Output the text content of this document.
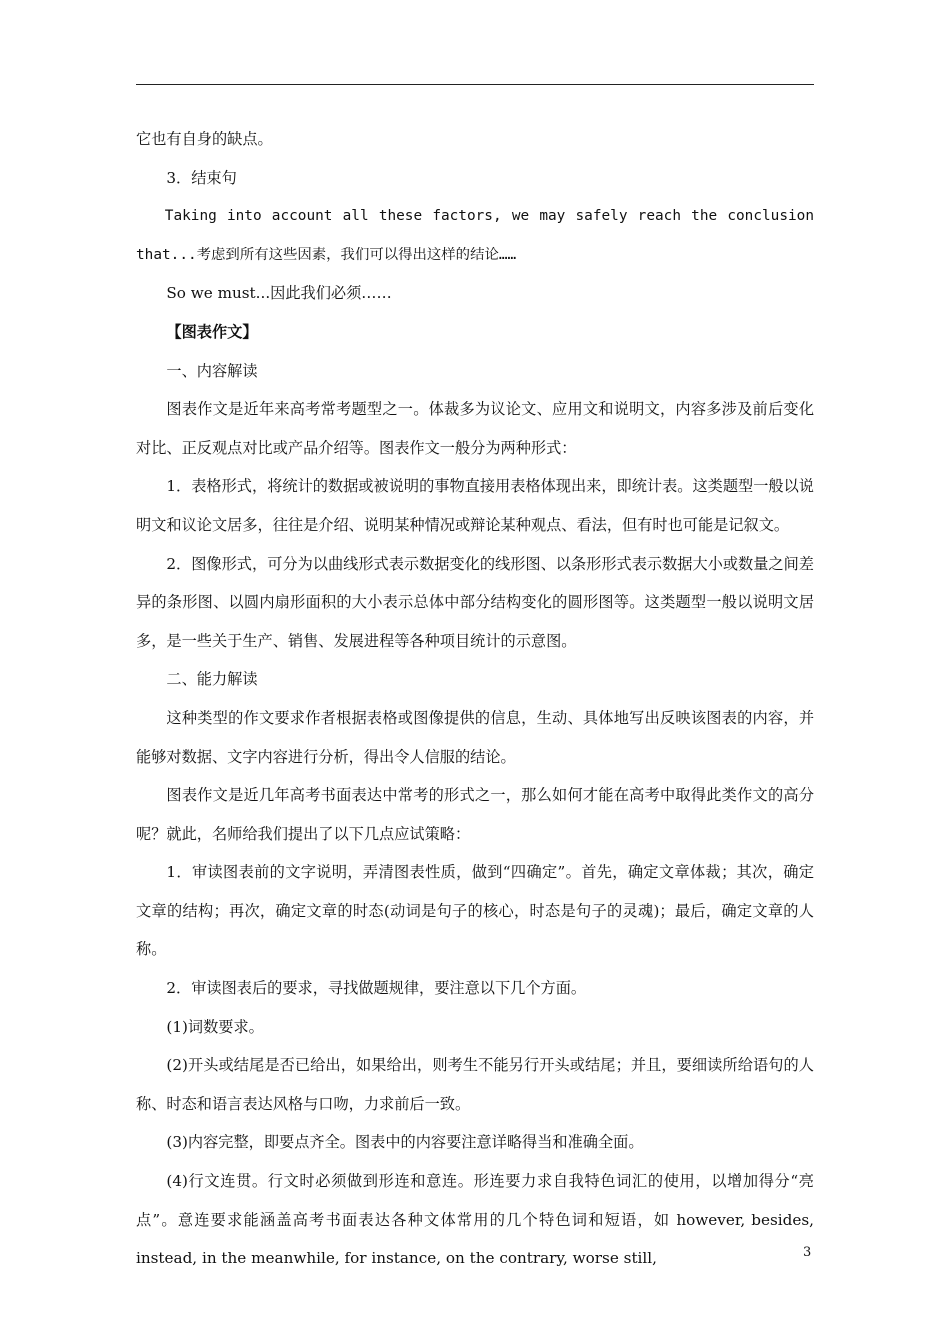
它也有自身的缺点。

3．结束句

Taking into account all these factors, we may safely reach the conclusion that...考虑到所有这些因素，我们可以得出这样的结论……

So we must...因此我们必须……

【图表作文】

一、内容解读

图表作文是近年来高考常考题型之一。体裁多为议论文、应用文和说明文，内容多涉及前后变化对比、正反观点对比或产品介绍等。图表作文一般分为两种形式：

1．表格形式，将统计的数据或被说明的事物直接用表格体现出来，即统计表。这类题型一般以说明文和议论文居多，往往是介绍、说明某种情况或辩论某种观点、看法，但有时也可能是记叙文。

2．图像形式，可分为以曲线形式表示数据变化的线形图、以条形形式表示数据大小或数量之间差异的条形图、以圆内扇形面积的大小表示总体中部分结构变化的圆形图等。这类题型一般以说明文居多，是一些关于生产、销售、发展进程等各种项目统计的示意图。

二、能力解读

这种类型的作文要求作者根据表格或图像提供的信息，生动、具体地写出反映该图表的内容，并能够对数据、文字内容进行分析，得出令人信服的结论。

图表作文是近几年高考书面表达中常考的形式之一，那么如何才能在高考中取得此类作文的高分呢？就此，名师给我们提出了以下几点应试策略：

1．审读图表前的文字说明，弄清图表性质，做到“四确定”。首先，确定文章体裁；其次，确定文章的结构；再次，确定文章的时态(动词是句子的核心，时态是句子的灵魂)；最后，确定文章的人称。

2．审读图表后的要求，寻找做题规律，要注意以下几个方面。

(1)词数要求。

(2)开头或结尾是否已给出，如果给出，则考生不能另行开头或结尾；并且，要细读所给语句的人称、时态和语言表达风格与口吻，力求前后一致。

(3)内容完整，即要点齐全。图表中的内容要注意详略得当和准确全面。

(4)行文连贯。行文时必须做到形连和意连。形连要力求自我特色词汇的使用，以增加得分“亮点”。意连要求能涵盖高考书面表达各种文体常用的几个特色词和短语，如 however, besides, instead, in the meanwhile, for instance, on the contrary, worse still,	3
